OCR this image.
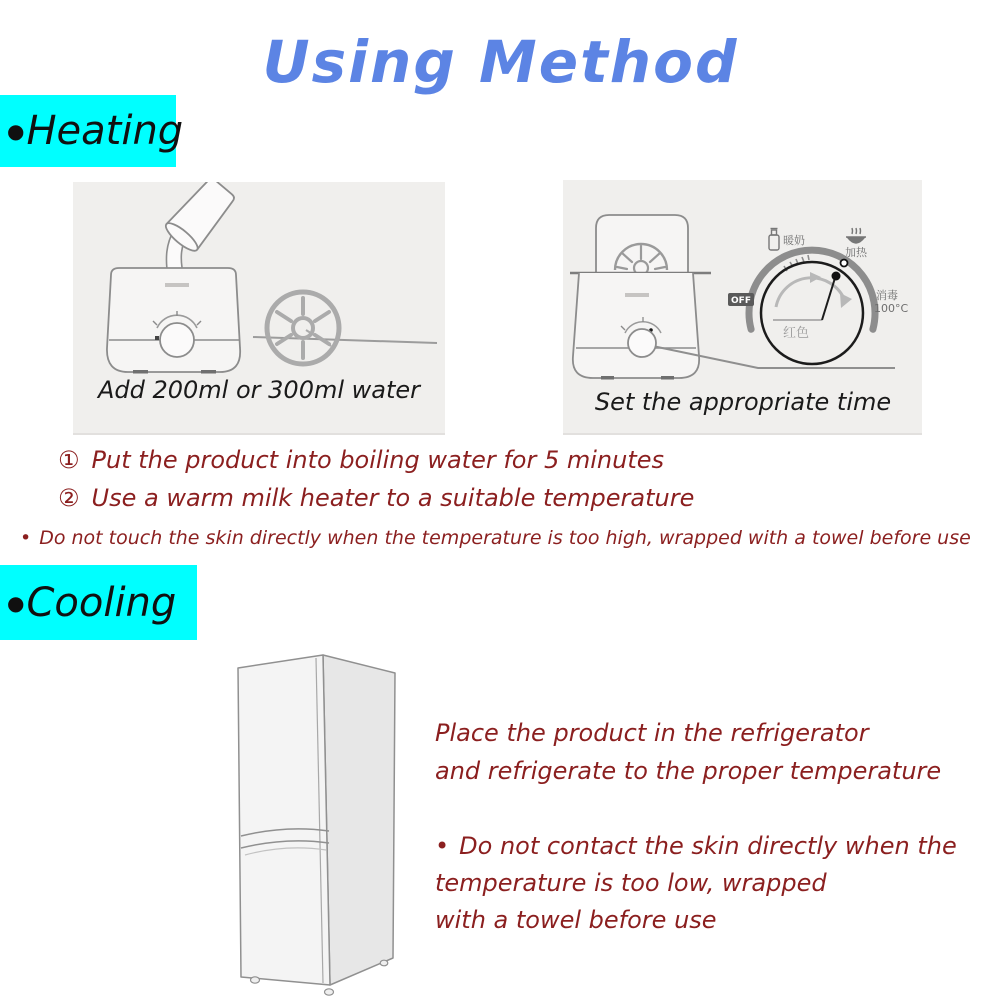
Using Method
● Heating
Add 200ml or 300ml water
OFF
暖奶
加热
消毒
100°C
红色
Set the appropriate time
① Put the product into boiling water for 5 minutes
② Use a warm milk heater to a suitable temperature
• Do not touch the skin directly when the temperature is too high, wrapped with a towel before use
● Cooling
Place the product in the refrigerator
and refrigerate to the proper temperature
• Do not contact the skin directly when the
temperature is too low, wrapped
with a towel before use
